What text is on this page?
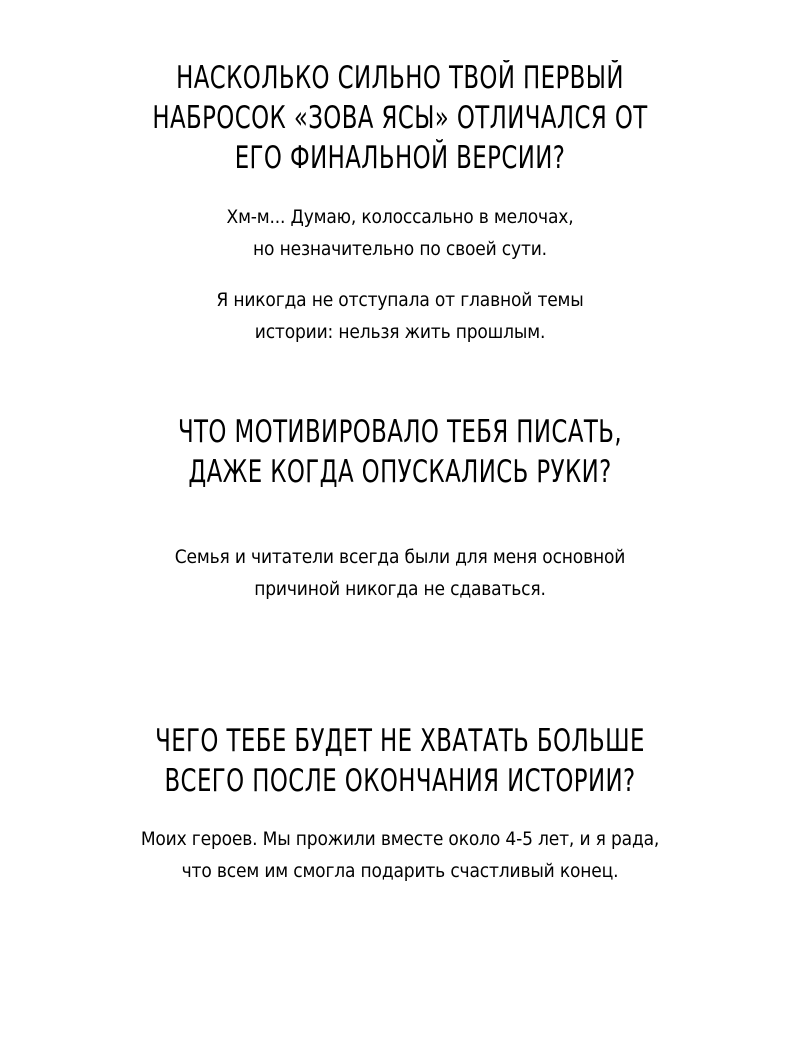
НАСКОЛЬКО СИЛЬНО ТВОЙ ПЕРВЫЙ
НАБРОСОК «ЗОВА ЯСЫ» ОТЛИЧАЛСЯ ОТ
ЕГО ФИНАЛЬНОЙ ВЕРСИИ?
Хм-м... Думаю, колоссально в мелочах,
но незначительно по своей сути.
Я никогда не отступала от главной темы
истории: нельзя жить прошлым.
ЧТО МОТИВИРОВАЛО ТЕБЯ ПИСАТЬ,
ДАЖЕ КОГДА ОПУСКАЛИСЬ РУКИ?
Семья и читатели всегда были для меня основной
причиной никогда не сдаваться.
ЧЕГО ТЕБЕ БУДЕТ НЕ ХВАТАТЬ БОЛЬШЕ
ВСЕГО ПОСЛЕ ОКОНЧАНИЯ ИСТОРИИ?
Моих героев. Мы прожили вместе около 4-5 лет, и я рада,
что всем им смогла подарить счастливый конец.
